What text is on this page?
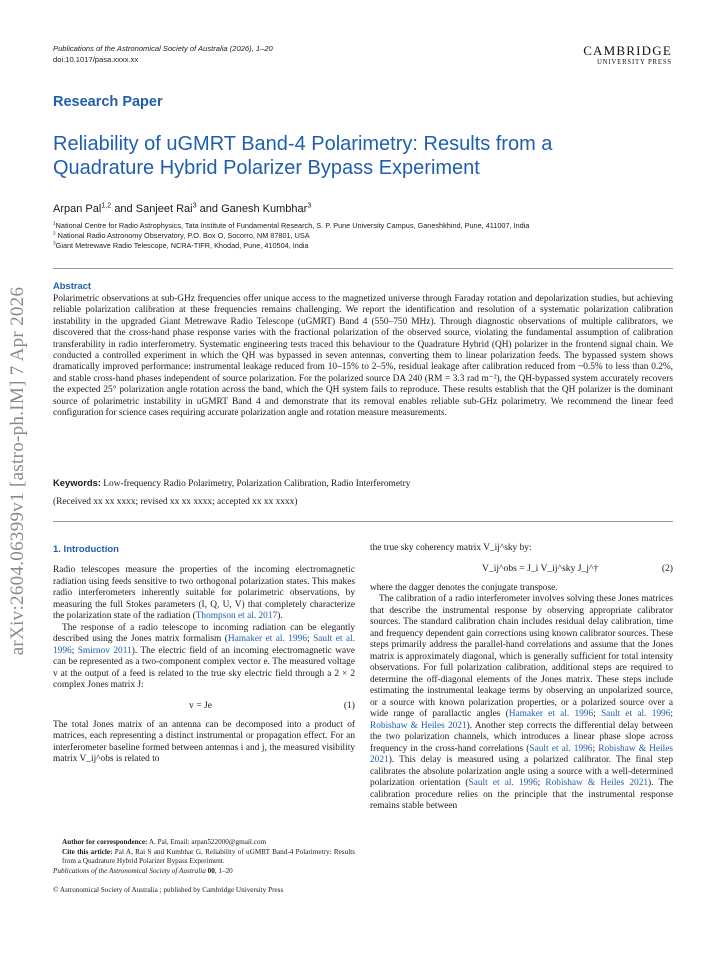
arXiv:2604.06399v1 [astro-ph.IM] 7 Apr 2026
Publications of the Astronomical Society of Australia (2026), 1–20
doi:10.1017/pasa.xxxx.xx
CAMBRIDGE
UNIVERSITY PRESS
Research Paper
Reliability of uGMRT Band-4 Polarimetry: Results from a Quadrature Hybrid Polarizer Bypass Experiment
Arpan Pal$^{1,2}$ and Sanjeet Rai$^3$ and Ganesh Kumbhar$^3$
$^1$National Centre for Radio Astrophysics, Tata Institute of Fundamental Research, S. P. Pune University Campus, Ganeshkhind, Pune, 411007, India
$^2$ National Radio Astronomy Observatory, P.O. Box O, Socorro, NM 87801, USA
$^3$Giant Metrewave Radio Telescope, NCRA-TIFR, Khodad, Pune, 410504, India
Abstract
Polarimetric observations at sub-GHz frequencies offer unique access to the magnetized universe through Faraday rotation and depolarization studies, but achieving reliable polarization calibration at these frequencies remains challenging. We report the identification and resolution of a systematic polarization calibration instability in the upgraded Giant Metrewave Radio Telescope (uGMRT) Band 4 (550–750 MHz). Through diagnostic observations of multiple calibrators, we discovered that the cross-hand phase response varies with the fractional polarization of the observed source, violating the fundamental assumption of calibration transferability in radio interferometry. Systematic engineering tests traced this behaviour to the Quadrature Hybrid (QH) polarizer in the frontend signal chain. We conducted a controlled experiment in which the QH was bypassed in seven antennas, converting them to linear polarization feeds. The bypassed system shows dramatically improved performance: instrumental leakage reduced from 10–15% to 2–5%, residual leakage after calibration reduced from ~0.5% to less than 0.2%, and stable cross-hand phases independent of source polarization. For the polarized source DA 240 (RM = 3.3 rad m⁻²), the QH-bypassed system accurately recovers the expected 25° polarization angle rotation across the band, which the QH system fails to reproduce. These results establish that the QH polarizer is the dominant source of polarimetric instability in uGMRT Band 4 and demonstrate that its removal enables reliable sub-GHz polarimetry. We recommend the linear feed configuration for science cases requiring accurate polarization angle and rotation measure measurements.
Keywords: Low-frequency Radio Polarimetry, Polarization Calibration, Radio Interferometry
(Received xx xx xxxx; revised xx xx xxxx; accepted xx xx xxxx)
1. Introduction

Radio telescopes measure the properties of the incoming electromagnetic radiation using feeds sensitive to two orthogonal polarization states. This makes radio interferometers inherently suitable for polarimetric observations, by measuring the full Stokes parameters (I, Q, U, V) that completely characterize the polarization state of the radiation (Thompson et al. 2017).

The response of a radio telescope to incoming radiation can be elegantly described using the Jones matrix formalism (Hamaker et al. 1996; Sault et al. 1996; Smirnov 2011). The electric field of an incoming electromagnetic wave can be represented as a two-component complex vector e. The measured voltage v at the output of a feed is related to the true sky electric field through a 2 × 2 complex Jones matrix J:

v = Je	(1)

The total Jones matrix of an antenna can be decomposed into a product of matrices, each representing a distinct instrumental or propagation effect. For an interferometer baseline formed between antennas i and j, the measured visibility matrix V_ij^obs is related to

Author for correspondence: A. Pal, Email: arpan522000@gmail.com
Cite this article: Pal A, Rai S and Kumbhar G, Reliability of uGMRT Band-4 Polarimetry: Results from a Quadrature Hybrid Polarizer Bypass Experiment.
Publications of the Astronomical Society of Australia 00, 1–20
© Astronomical Society of Australia ; published by Cambridge University Press

the true sky coherency matrix V_ij^sky by:

V_ij^obs = J_i V_ij^sky J_j^†	(2)

where the dagger denotes the conjugate transpose.

The calibration of a radio interferometer involves solving these Jones matrices that describe the instrumental response by observing appropriate calibrator sources. The standard calibration chain includes residual delay calibration, time and frequency dependent gain corrections using known calibrator sources. These steps primarily address the parallel-hand correlations and assume that the Jones matrix is approximately diagonal, which is generally sufficient for total intensity observations. For full polarization calibration, additional steps are required to determine the off-diagonal elements of the Jones matrix. These steps include estimating the instrumental leakage terms by observing an unpolarized source, or a source with known polarization properties, or a polarized source over a wide range of parallactic angles (Hamaker et al. 1996; Sault et al. 1996; Robishaw & Heiles 2021). Another step corrects the differential delay between the two polarization channels, which introduces a linear phase slope across frequency in the cross-hand correlations (Sault et al. 1996; Robishaw & Heiles 2021). This delay is measured using a polarized calibrator. The final step calibrates the absolute polarization angle using a source with a well-determined polarization orientation (Sault et al. 1996; Robishaw & Heiles 2021). The calibration procedure relies on the principle that the instrumental response remains stable between
